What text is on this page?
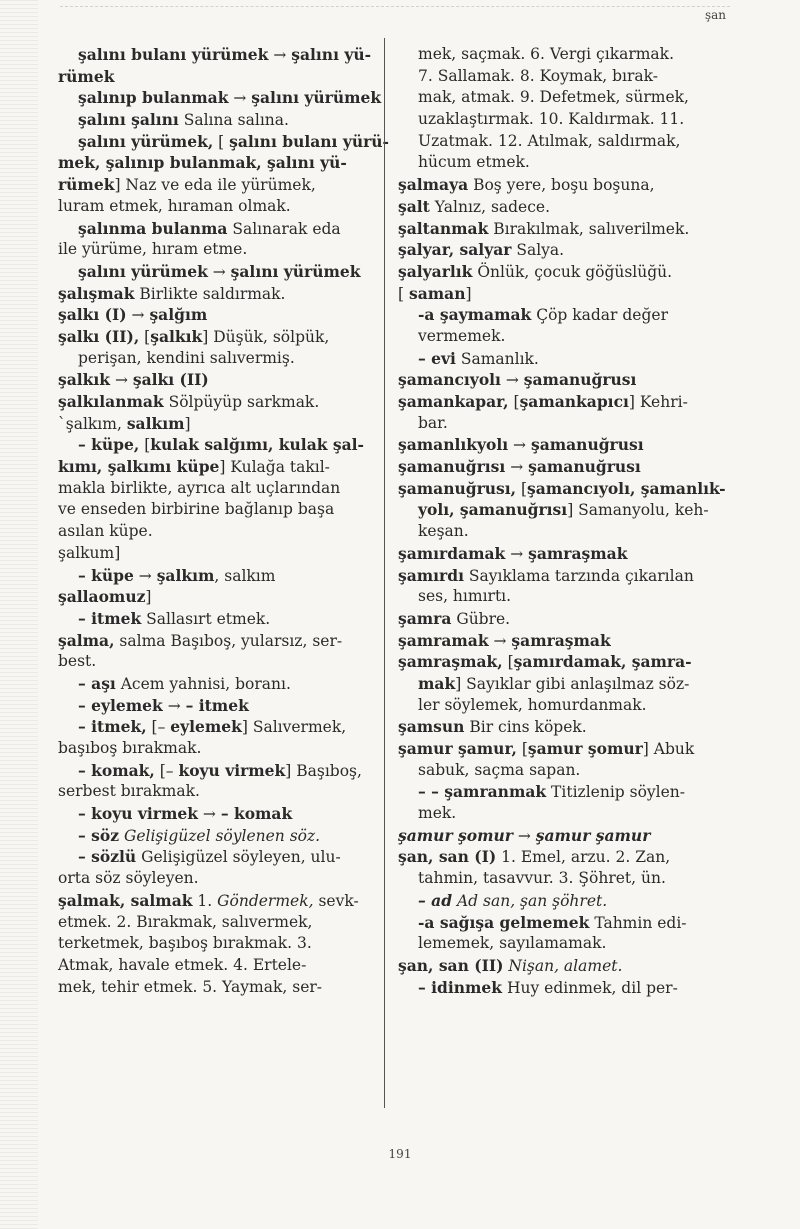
şan
şalını bulanı yürümek → şalını yü-
rümek
şalınıp bulanmak → şalını yürümek
şalını şalını Salına salına.
şalını yürümek, [ şalını bulanı yürü-
mek, şalınıp bulanmak, şalını yü-
rümek] Naz ve eda ile yürümek,
luram etmek, hıraman olmak.
şalınma bulanma Salınarak eda
ile yürüme, hıram etme.
şalını yürümek → şalını yürümek
şalışmak Birlikte saldırmak.
şalkı (I) → şalğım
şalkı (II), [şalkık] Düşük, sölpük,
perişan, kendini salıvermiş.
şalkık → şalkı (II)
şalkılanmak Sölpüyüp sarkmak.
`şalkım, salkım]
– küpe, [kulak salğımı, kulak şal-
kımı, şalkımı küpe] Kulağa takıl-
makla birlikte, ayrıca alt uçlarından
ve enseden birbirine bağlanıp başa
asılan küpe.
şalkum]
– küpe → şalkım, salkım
şallaomuz]
– itmek Sallasırt etmek.
şalma, salma Başıboş, yularsız, ser-
best.
– aşı Acem yahnisi, boranı.
– eylemek → – itmek
– itmek, [– eylemek] Salıvermek,
başıboş bırakmak.
– komak, [– koyu virmek] Başıboş,
serbest bırakmak.
– koyu virmek → – komak
– söz Gelişigüzel söylenen söz.
– sözlü Gelişigüzel söyleyen, ulu-
orta söz söyleyen.
şalmak, salmak 1. Göndermek, sevk-
etmek. 2. Bırakmak, salıvermek,
terketmek, başıboş bırakmak. 3.
Atmak, havale etmek. 4. Ertele-
mek, tehir etmek. 5. Yaymak, ser-
mek, saçmak. 6. Vergi çıkarmak.
7. Sallamak. 8. Koymak, bırak-
mak, atmak. 9. Defetmek, sürmek,
uzaklaştırmak. 10. Kaldırmak. 11.
Uzatmak. 12. Atılmak, saldırmak,
hücum etmek.
şalmaya Boş yere, boşu boşuna,
şalt Yalnız, sadece.
şaltanmak Bırakılmak, salıverilmek.
şalyar, salyar Salya.
şalyarlık Önlük, çocuk göğüslüğü.
[ saman]
-a şaymamak Çöp kadar değer
vermemek.
– evi Samanlık.
şamancıyolı → şamanuğrusı
şamankapar, [şamankapıcı] Kehri-
bar.
şamanlıkyolı → şamanuğrusı
şamanuğrısı → şamanuğrusı
şamanuğrusı, [şamancıyolı, şamanlık-
yolı, şamanuğrısı] Samanyolu, keh-
keşan.
şamırdamak → şamraşmak
şamırdı Sayıklama tarzında çıkarılan
ses, hımırtı.
şamra Gübre.
şamramak → şamraşmak
şamraşmak, [şamırdamak, şamra-
mak] Sayıklar gibi anlaşılmaz söz-
ler söylemek, homurdanmak.
şamsun Bir cins köpek.
şamur şamur, [şamur şomur] Abuk
sabuk, saçma sapan.
– – şamranmak Titizlenip söylen-
mek.
şamur şomur → şamur şamur
şan, san (I) 1. Emel, arzu. 2. Zan,
tahmin, tasavvur. 3. Şöhret, ün.
– ad Ad san, şan şöhret.
-a sağışa gelmemek Tahmin edi-
lememek, sayılamamak.
şan, san (II) Nişan, alamet.
– idinmek Huy edinmek, dil per-
191
